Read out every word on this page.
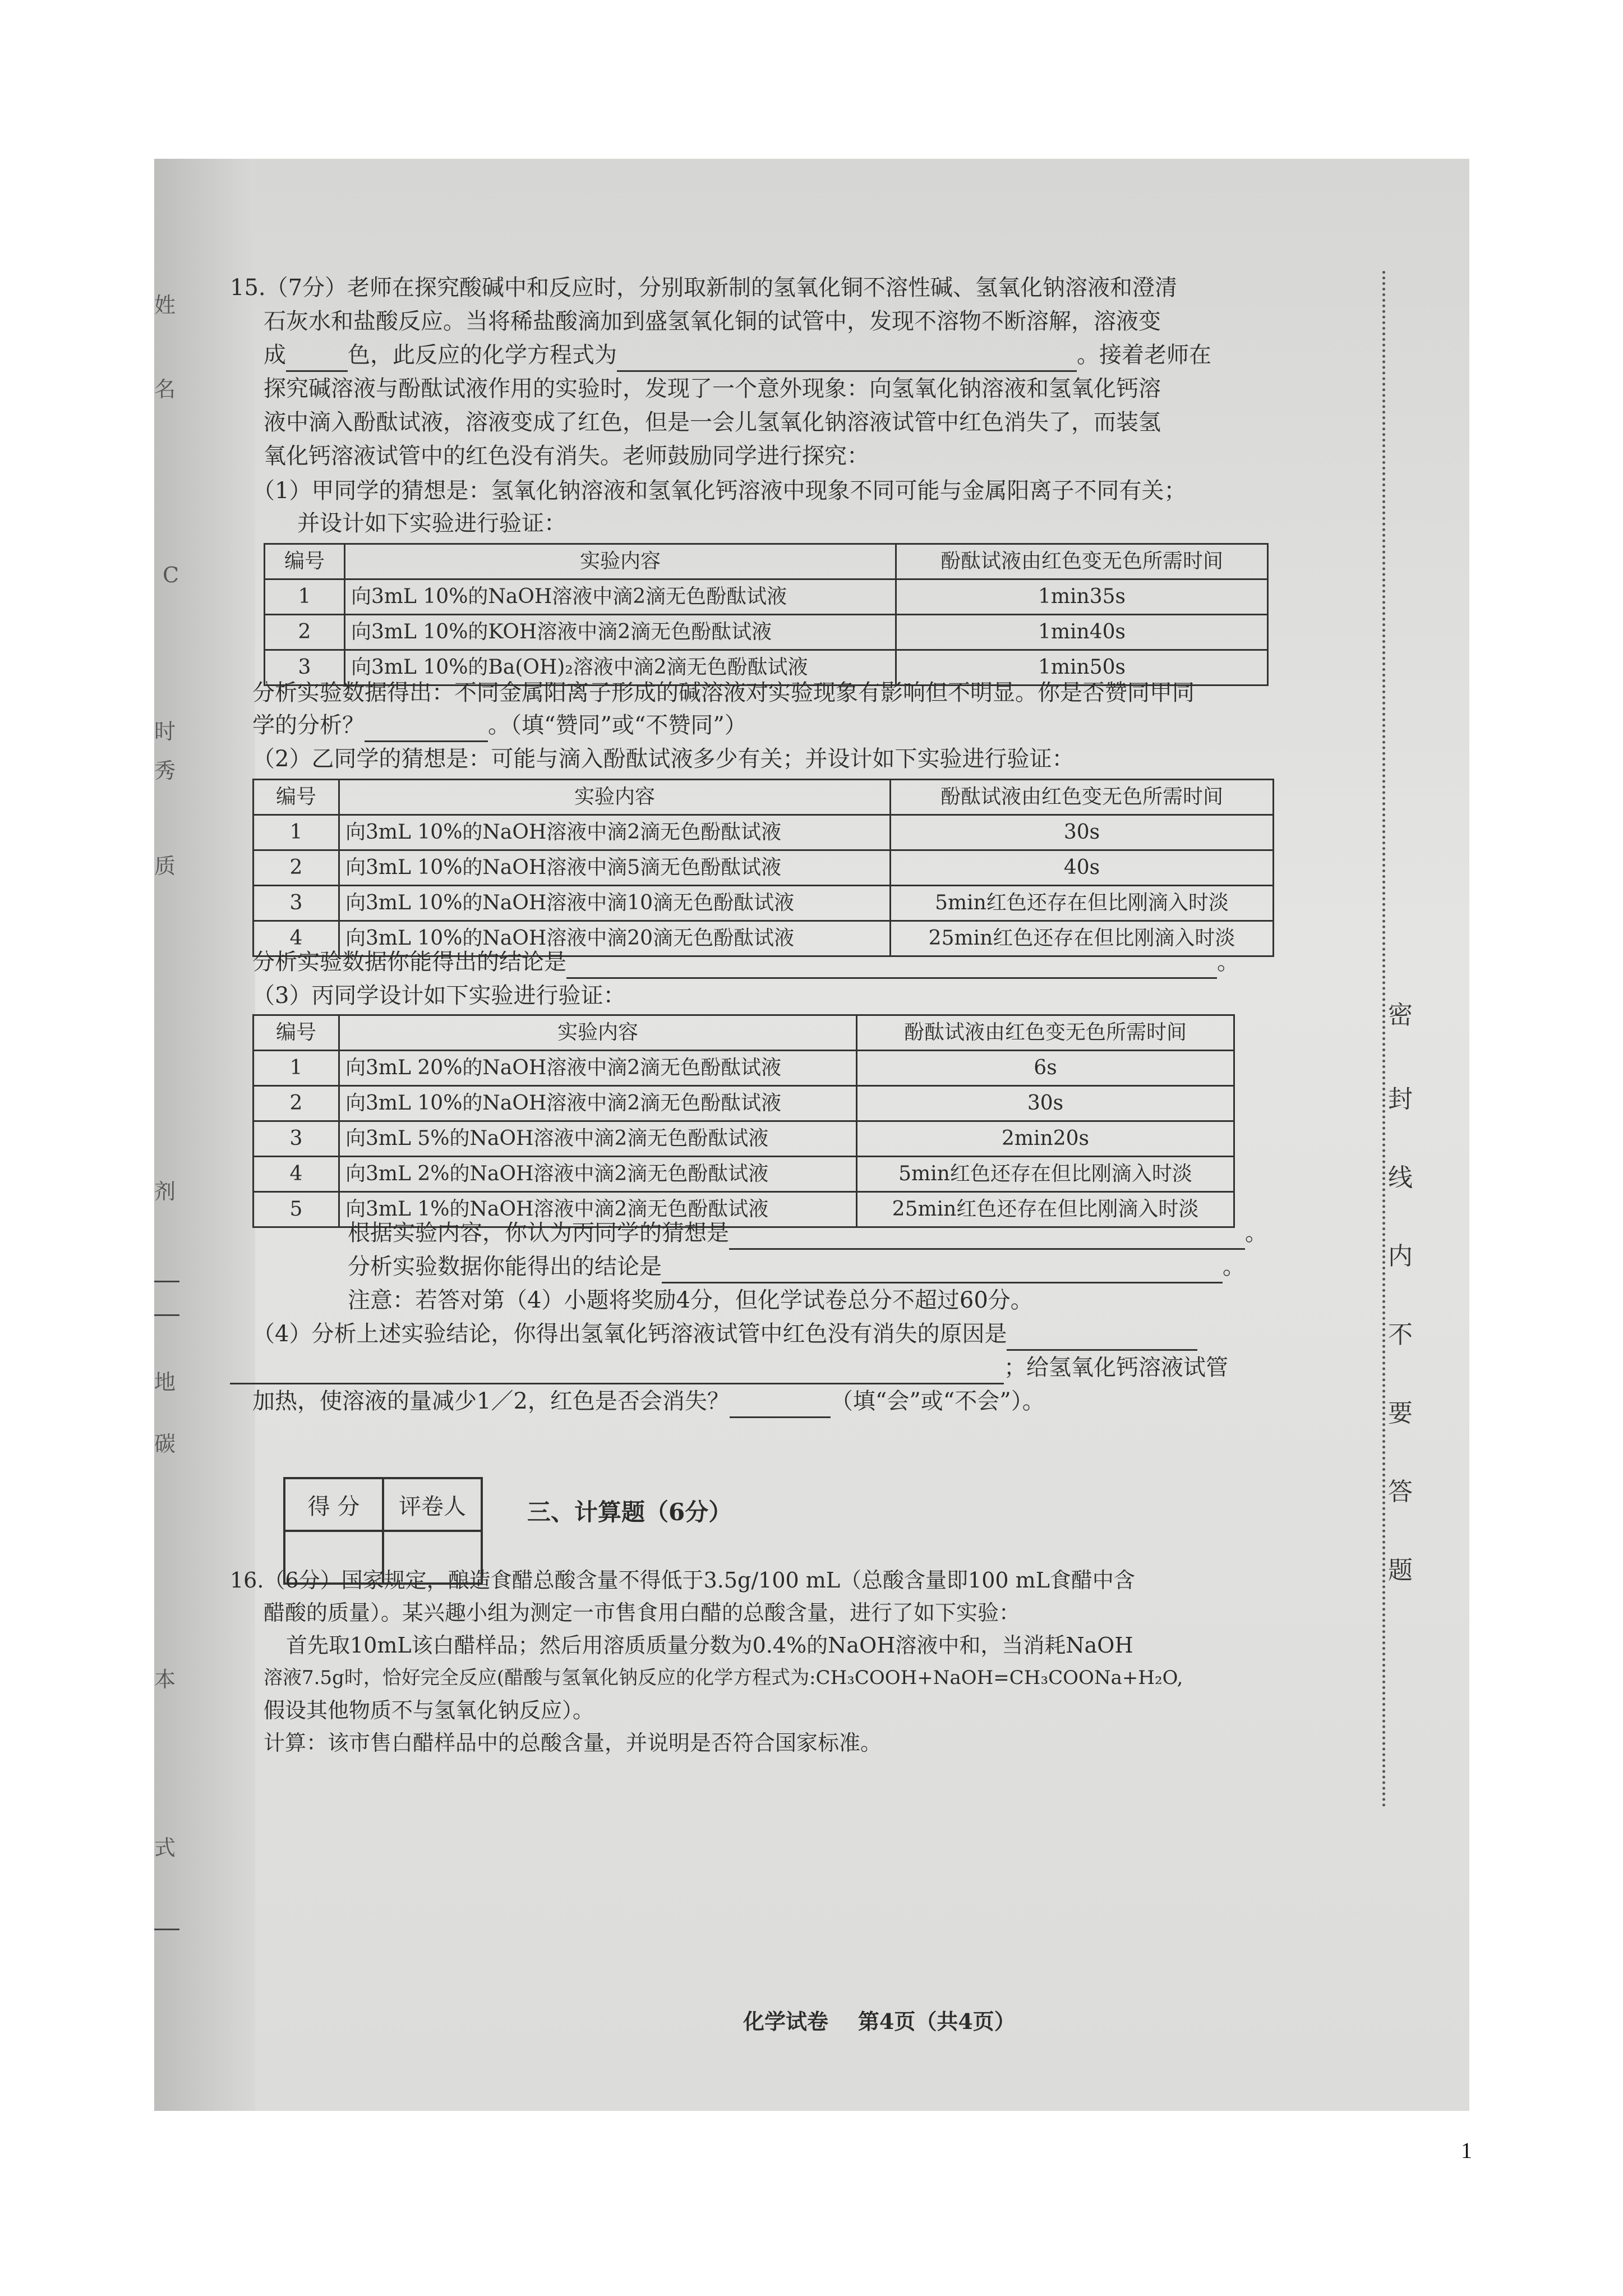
姓
名
C
时
秀
质
剂
地
碳
本
式
15.（7分）老师在探究酸碱中和反应时，分别取新制的氢氧化铜不溶性碱、氢氧化钠溶液和澄清
石灰水和盐酸反应。当将稀盐酸滴加到盛氢氧化铜的试管中，发现不溶物不断溶解，溶液变
成	色，此反应的化学方程式为	。接着老师在
探究碱溶液与酚酞试液作用的实验时，发现了一个意外现象：向氢氧化钠溶液和氢氧化钙溶
液中滴入酚酞试液，溶液变成了红色，但是一会儿氢氧化钠溶液试管中红色消失了，而装氢
氧化钙溶液试管中的红色没有消失。老师鼓励同学进行探究：
（1）甲同学的猜想是：氢氧化钠溶液和氢氧化钙溶液中现象不同可能与金属阳离子不同有关；
并设计如下实验进行验证：
编号	实验内容	酚酞试液由红色变无色所需时间
1	向3mL 10%的NaOH溶液中滴2滴无色酚酞试液	1min35s
2	向3mL 10%的KOH溶液中滴2滴无色酚酞试液	1min40s
3	向3mL 10%的Ba(OH)₂溶液中滴2滴无色酚酞试液	1min50s
分析实验数据得出：不同金属阳离子形成的碱溶液对实验现象有影响但不明显。你是否赞同甲同
学的分析？	。（填“赞同”或“不赞同”）
（2）乙同学的猜想是：可能与滴入酚酞试液多少有关；并设计如下实验进行验证：
编号	实验内容	酚酞试液由红色变无色所需时间
1	向3mL 10%的NaOH溶液中滴2滴无色酚酞试液	30s
2	向3mL 10%的NaOH溶液中滴5滴无色酚酞试液	40s
3	向3mL 10%的NaOH溶液中滴10滴无色酚酞试液	5min红色还存在但比刚滴入时淡
4	向3mL 10%的NaOH溶液中滴20滴无色酚酞试液	25min红色还存在但比刚滴入时淡
分析实验数据你能得出的结论是	。
（3）丙同学设计如下实验进行验证：
编号	实验内容	酚酞试液由红色变无色所需时间
1	向3mL 20%的NaOH溶液中滴2滴无色酚酞试液	6s
2	向3mL 10%的NaOH溶液中滴2滴无色酚酞试液	30s
3	向3mL 5%的NaOH溶液中滴2滴无色酚酞试液	2min20s
4	向3mL 2%的NaOH溶液中滴2滴无色酚酞试液	5min红色还存在但比刚滴入时淡
5	向3mL 1%的NaOH溶液中滴2滴无色酚酞试液	25min红色还存在但比刚滴入时淡
根据实验内容，你认为丙同学的猜想是	。
分析实验数据你能得出的结论是	。
注意：若答对第（4）小题将奖励4分，但化学试卷总分不超过60分。
（4）分析上述实验结论，你得出氢氧化钙溶液试管中红色没有消失的原因是
；给氢氧化钙溶液试管
加热，使溶液的量减少1／2，红色是否会消失？	（填“会”或“不会”）。
得 分	评卷人
		三、计算题（6分）
16.（6分）国家规定，酿造食醋总酸含量不得低于3.5g/100 mL（总酸含量即100 mL食醋中含
醋酸的质量）。某兴趣小组为测定一市售食用白醋的总酸含量，进行了如下实验：
首先取10mL该白醋样品；然后用溶质质量分数为0.4%的NaOH溶液中和，当消耗NaOH
溶液7.5g时，恰好完全反应(醋酸与氢氧化钠反应的化学方程式为:CH₃COOH+NaOH=CH₃COONa+H₂O,
假设其他物质不与氢氧化钠反应）。
计算：该市售白醋样品中的总酸含量，并说明是否符合国家标准。
密
封
线
内
不
要
答
题
化学试卷    第4页（共4页）
1
